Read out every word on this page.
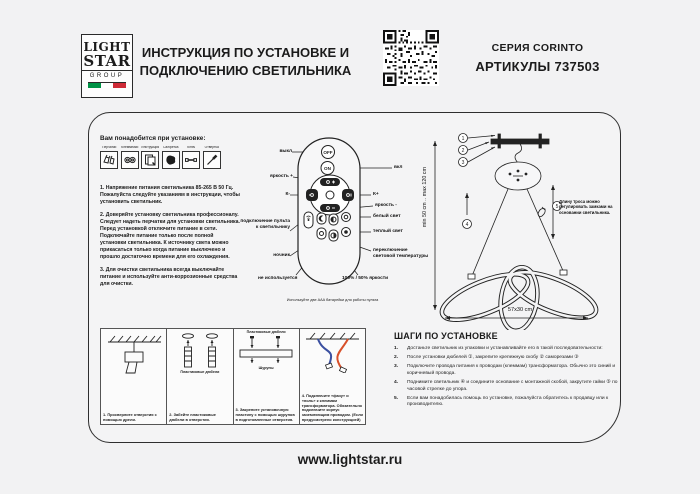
LIGHT
STAR
GROUP
ИНСТРУКЦИЯ ПО УСТАНОВКЕ И
ПОДКЛЮЧЕНИЮ СВЕТИЛЬНИКА
СЕРИЯ CORINTO
АРТИКУЛЫ 737503
Вам понадобится при установке:
Перчатки	Клеммники Инструкция	Салфетка	Ключ	Отвертка
1. Напряжение питания светильника 85-265 В 50 Гц. Пожалуйста следуйте указаниям в инструкции, чтобы установить светильник.
2. Доверяйте установку светильника профессионалу. Следует надеть перчатки для установки светильника. Перед установкой отключите питание в сети. Подключайте питание только после полной установки светильника. К источнику света можно прикасаться только когда питание выключено и прошло достаточно времени для его охлаждения.
3. Для очистки светильника всегда выключайте питание и используйте анти-коррозионные средства для очистки.
OFF
ON
выкл
вкл
яркость +
К-	К+
яркость -
белый свет
теплый свет
переключение световой температуры
подключение пульта к светильнику
ночник
не используется	100% / 50% яркости
Используйте две AAA батарейки для работы пульта
1
2
3
4
5
min 50 cm .. max 120 cm
57x30 cm
Длину троса можно регулировать замками на основании светильника.
1. Просверлите отверстия с помощью дрели.
Пластиковые дюбели
2. Забейте пластиковые дюбели в отверстия.
Пластиковые дюбели
Шурупы
3. Закрепите установочную пластину с помощью шурупов в подготовленные отверстия.
4. Подключите «фазу» и «ноль» к клеммам трансформатора. Обязательно подключите корпус заземляющим проводом. (Если предусмотрено конструкцией)
ШАГИ ПО УСТАНОВКЕ
1.	Достаньте светильник из упаковки и устанавливайте его в такой последовательности:
2.	После установки дюбелей ①, закрепите крепежную скобу ② саморезами ③
3.	Подключите провода питания к проводам (клеммам) трансформатора. Обычно это синий и коричневый провода.
4.	Поднимите светильник ④ и соедините основание с монтажной скобой, закрутите гайки ⑤ по часовой стрелке до упора.
5.	Если вам понадобилась помощь по установке, пожалуйста обратитесь к продавцу или к производителю.
www.lightstar.ru
